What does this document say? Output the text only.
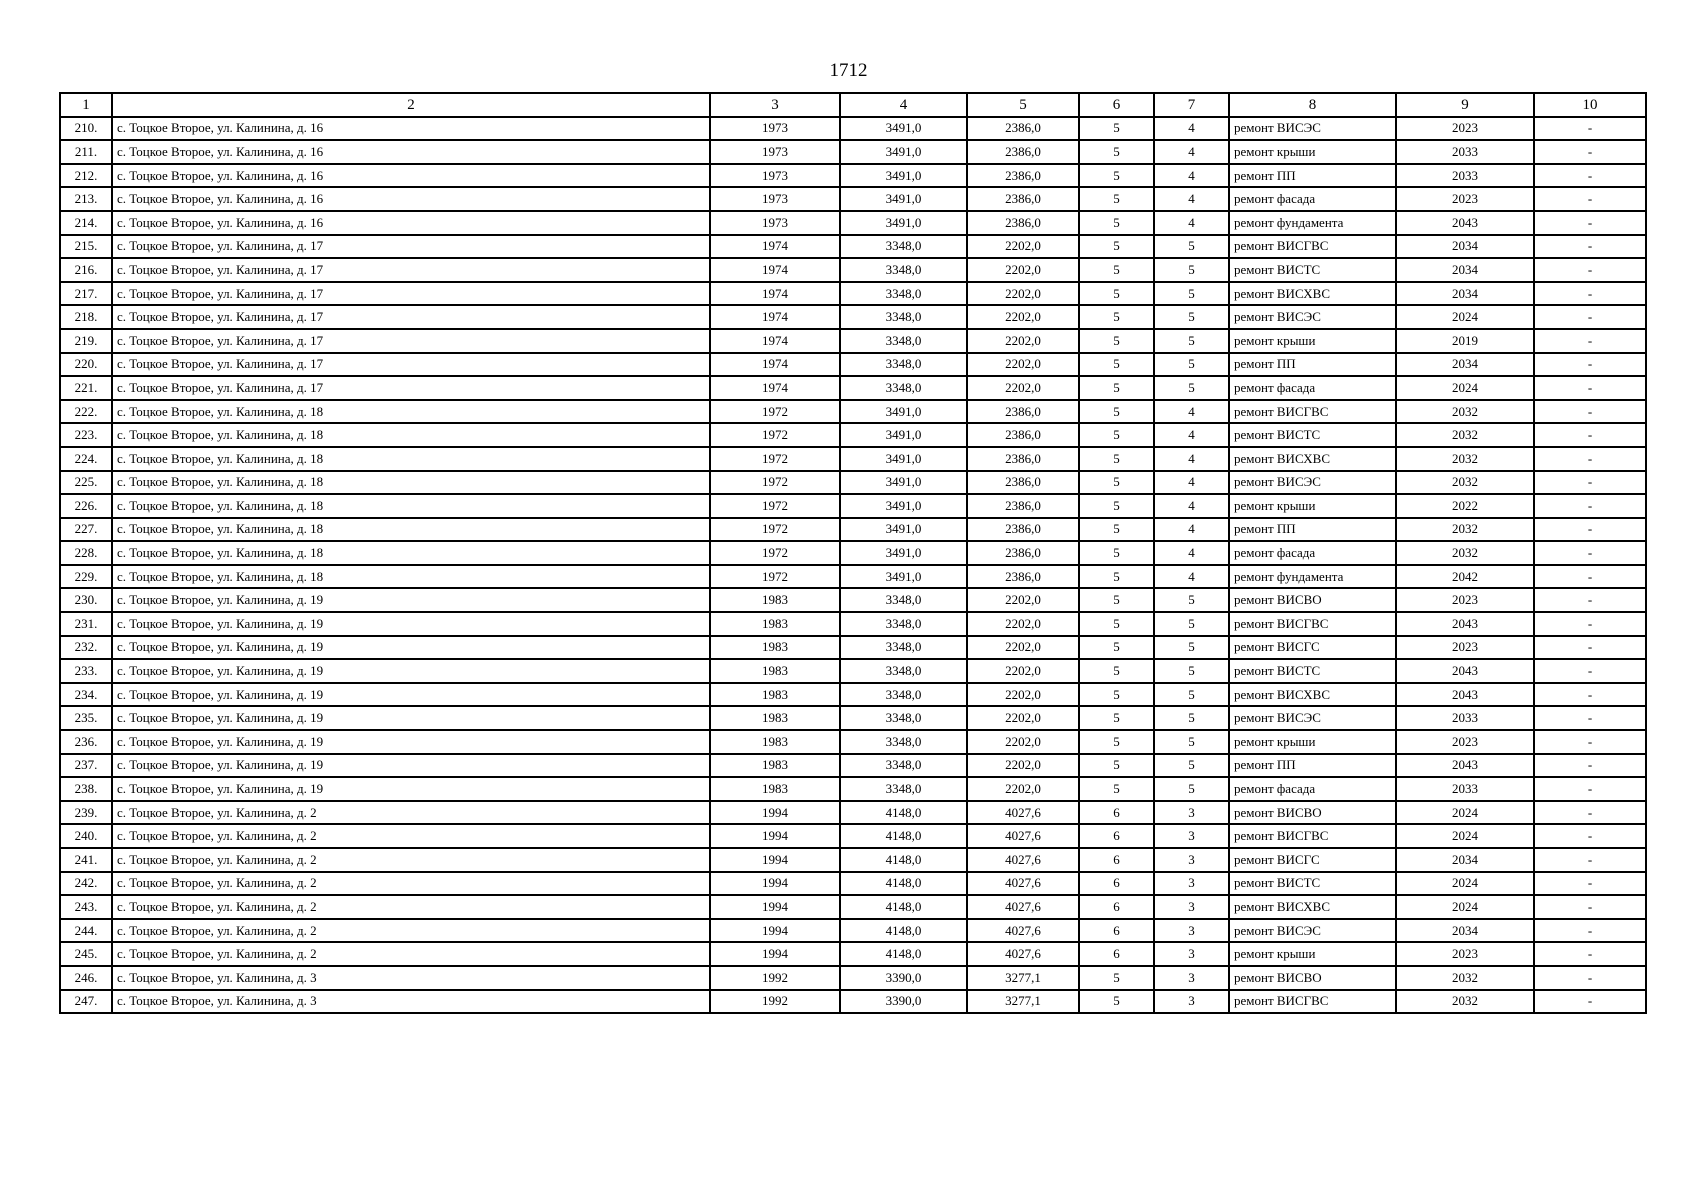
1712
1	2	3	4	5	6	7	8	9	10
210.	с. Тоцкое Второе, ул. Калинина, д. 16	1973	3491,0	2386,0	5	4	ремонт ВИСЭС	2023	-
211.	с. Тоцкое Второе, ул. Калинина, д. 16	1973	3491,0	2386,0	5	4	ремонт крыши	2033	-
212.	с. Тоцкое Второе, ул. Калинина, д. 16	1973	3491,0	2386,0	5	4	ремонт ПП	2033	-
213.	с. Тоцкое Второе, ул. Калинина, д. 16	1973	3491,0	2386,0	5	4	ремонт фасада	2023	-
214.	с. Тоцкое Второе, ул. Калинина, д. 16	1973	3491,0	2386,0	5	4	ремонт фундамента	2043	-
215.	с. Тоцкое Второе, ул. Калинина, д. 17	1974	3348,0	2202,0	5	5	ремонт ВИСГВС	2034	-
216.	с. Тоцкое Второе, ул. Калинина, д. 17	1974	3348,0	2202,0	5	5	ремонт ВИСТС	2034	-
217.	с. Тоцкое Второе, ул. Калинина, д. 17	1974	3348,0	2202,0	5	5	ремонт ВИСХВС	2034	-
218.	с. Тоцкое Второе, ул. Калинина, д. 17	1974	3348,0	2202,0	5	5	ремонт ВИСЭС	2024	-
219.	с. Тоцкое Второе, ул. Калинина, д. 17	1974	3348,0	2202,0	5	5	ремонт крыши	2019	-
220.	с. Тоцкое Второе, ул. Калинина, д. 17	1974	3348,0	2202,0	5	5	ремонт ПП	2034	-
221.	с. Тоцкое Второе, ул. Калинина, д. 17	1974	3348,0	2202,0	5	5	ремонт фасада	2024	-
222.	с. Тоцкое Второе, ул. Калинина, д. 18	1972	3491,0	2386,0	5	4	ремонт ВИСГВС	2032	-
223.	с. Тоцкое Второе, ул. Калинина, д. 18	1972	3491,0	2386,0	5	4	ремонт ВИСТС	2032	-
224.	с. Тоцкое Второе, ул. Калинина, д. 18	1972	3491,0	2386,0	5	4	ремонт ВИСХВС	2032	-
225.	с. Тоцкое Второе, ул. Калинина, д. 18	1972	3491,0	2386,0	5	4	ремонт ВИСЭС	2032	-
226.	с. Тоцкое Второе, ул. Калинина, д. 18	1972	3491,0	2386,0	5	4	ремонт крыши	2022	-
227.	с. Тоцкое Второе, ул. Калинина, д. 18	1972	3491,0	2386,0	5	4	ремонт ПП	2032	-
228.	с. Тоцкое Второе, ул. Калинина, д. 18	1972	3491,0	2386,0	5	4	ремонт фасада	2032	-
229.	с. Тоцкое Второе, ул. Калинина, д. 18	1972	3491,0	2386,0	5	4	ремонт фундамента	2042	-
230.	с. Тоцкое Второе, ул. Калинина, д. 19	1983	3348,0	2202,0	5	5	ремонт ВИСВО	2023	-
231.	с. Тоцкое Второе, ул. Калинина, д. 19	1983	3348,0	2202,0	5	5	ремонт ВИСГВС	2043	-
232.	с. Тоцкое Второе, ул. Калинина, д. 19	1983	3348,0	2202,0	5	5	ремонт ВИСГС	2023	-
233.	с. Тоцкое Второе, ул. Калинина, д. 19	1983	3348,0	2202,0	5	5	ремонт ВИСТС	2043	-
234.	с. Тоцкое Второе, ул. Калинина, д. 19	1983	3348,0	2202,0	5	5	ремонт ВИСХВС	2043	-
235.	с. Тоцкое Второе, ул. Калинина, д. 19	1983	3348,0	2202,0	5	5	ремонт ВИСЭС	2033	-
236.	с. Тоцкое Второе, ул. Калинина, д. 19	1983	3348,0	2202,0	5	5	ремонт крыши	2023	-
237.	с. Тоцкое Второе, ул. Калинина, д. 19	1983	3348,0	2202,0	5	5	ремонт ПП	2043	-
238.	с. Тоцкое Второе, ул. Калинина, д. 19	1983	3348,0	2202,0	5	5	ремонт фасада	2033	-
239.	с. Тоцкое Второе, ул. Калинина, д. 2	1994	4148,0	4027,6	6	3	ремонт ВИСВО	2024	-
240.	с. Тоцкое Второе, ул. Калинина, д. 2	1994	4148,0	4027,6	6	3	ремонт ВИСГВС	2024	-
241.	с. Тоцкое Второе, ул. Калинина, д. 2	1994	4148,0	4027,6	6	3	ремонт ВИСГС	2034	-
242.	с. Тоцкое Второе, ул. Калинина, д. 2	1994	4148,0	4027,6	6	3	ремонт ВИСТС	2024	-
243.	с. Тоцкое Второе, ул. Калинина, д. 2	1994	4148,0	4027,6	6	3	ремонт ВИСХВС	2024	-
244.	с. Тоцкое Второе, ул. Калинина, д. 2	1994	4148,0	4027,6	6	3	ремонт ВИСЭС	2034	-
245.	с. Тоцкое Второе, ул. Калинина, д. 2	1994	4148,0	4027,6	6	3	ремонт крыши	2023	-
246.	с. Тоцкое Второе, ул. Калинина, д. 3	1992	3390,0	3277,1	5	3	ремонт ВИСВО	2032	-
247.	с. Тоцкое Второе, ул. Калинина, д. 3	1992	3390,0	3277,1	5	3	ремонт ВИСГВС	2032	-
